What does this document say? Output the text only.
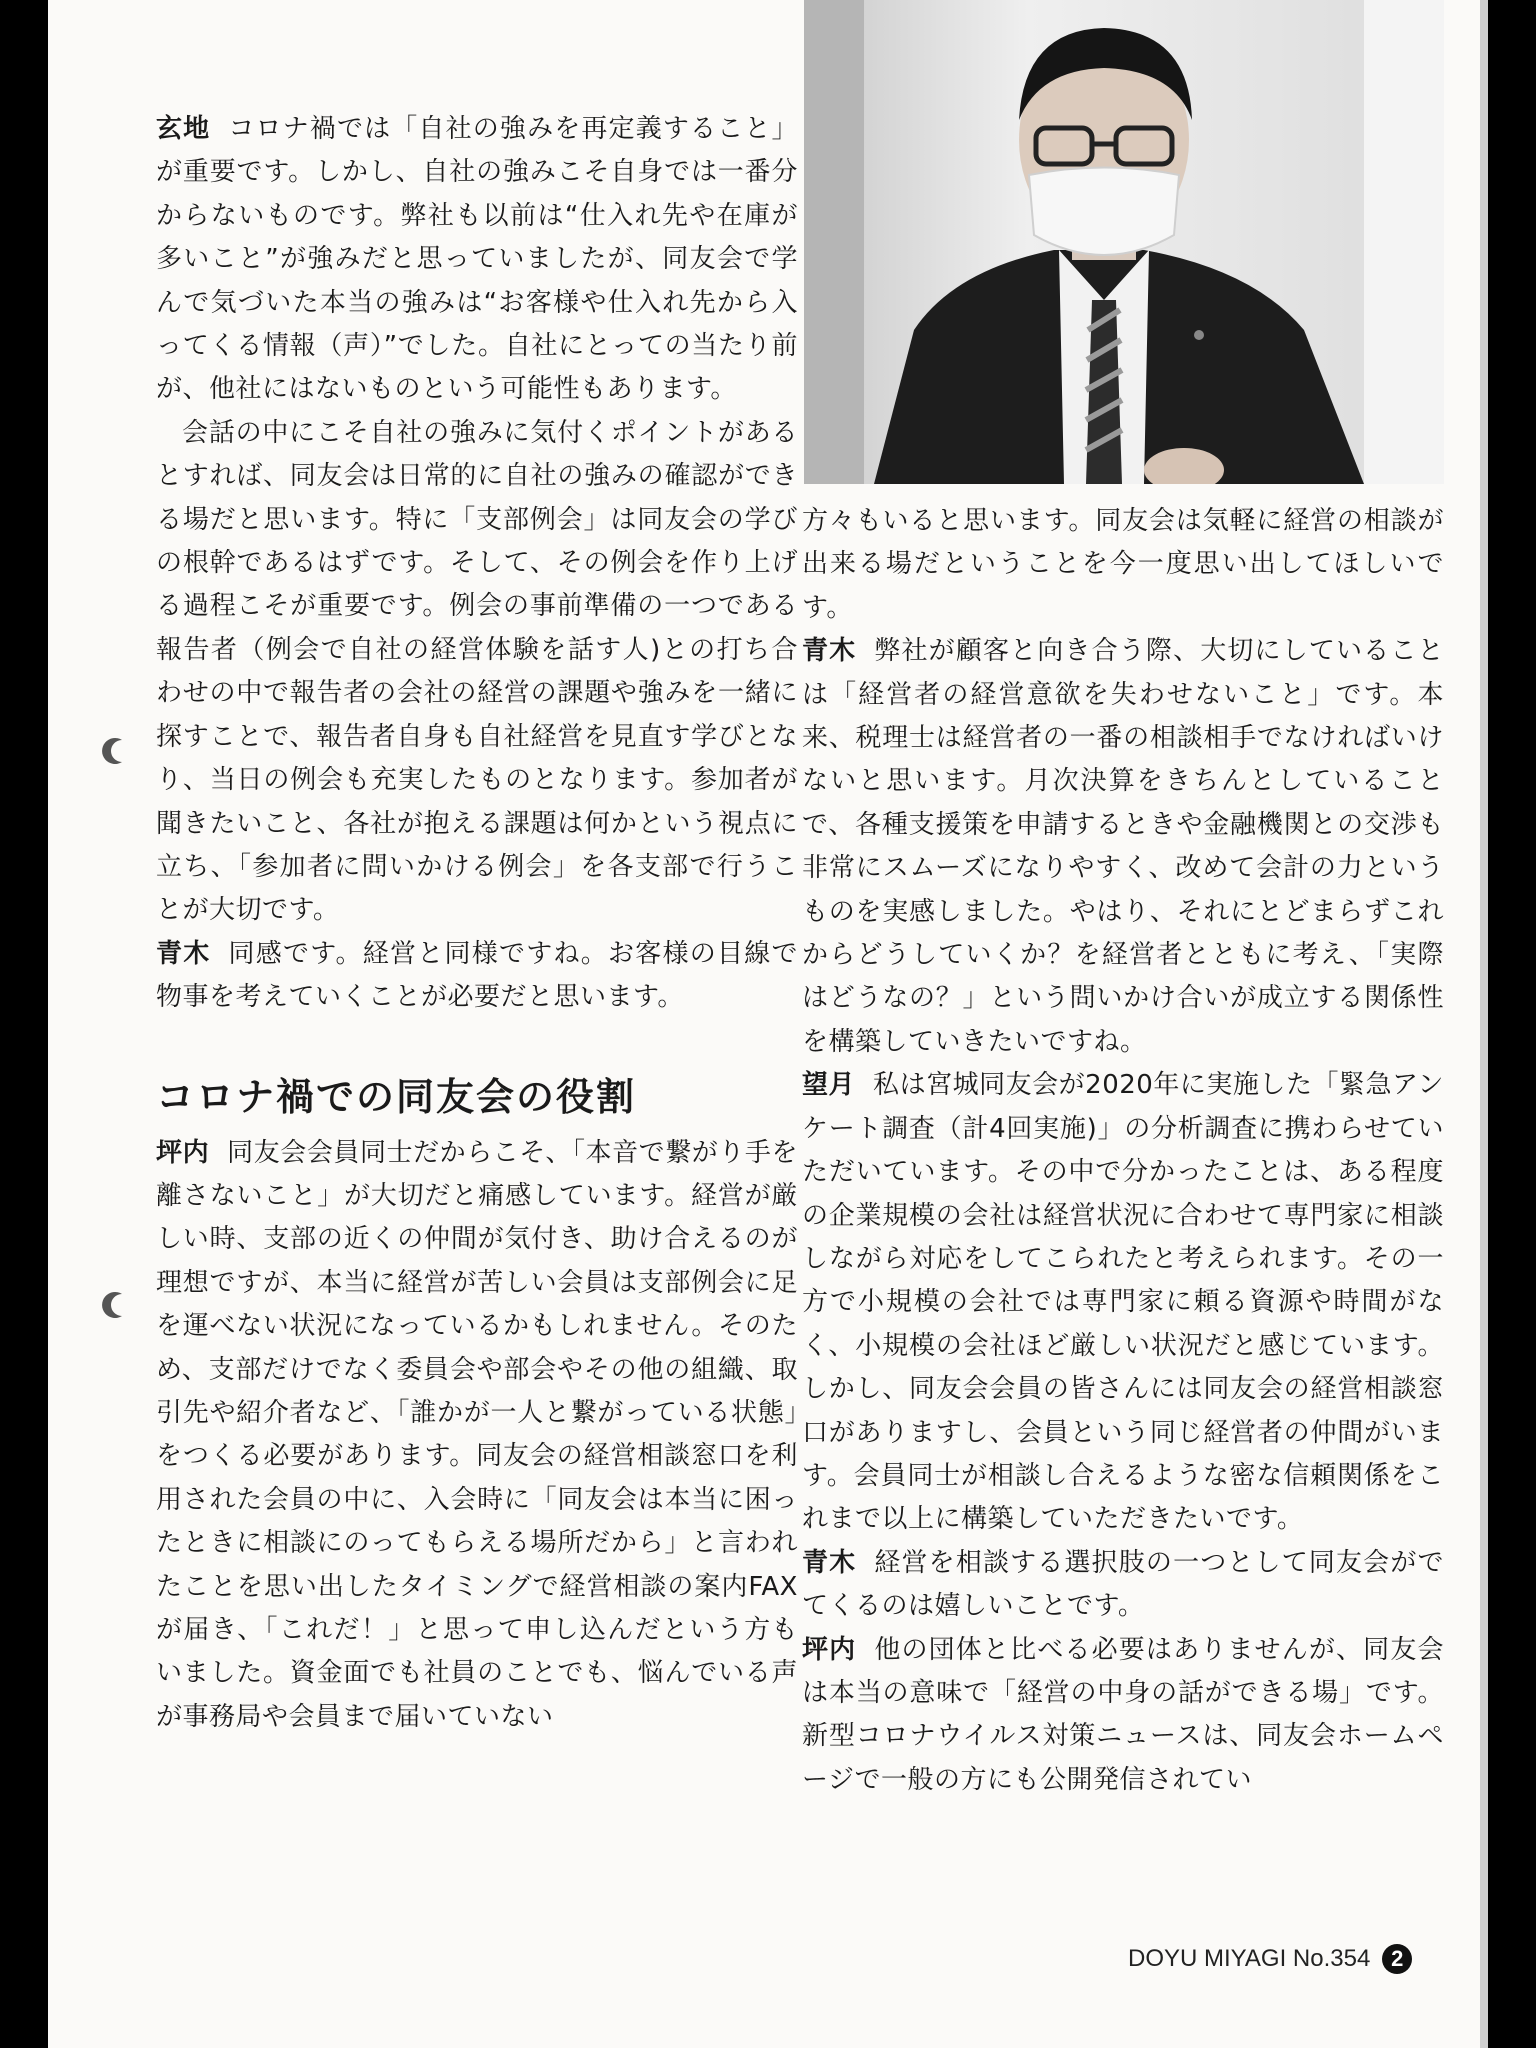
玄地 コロナ禍では「自社の強みを再定義すること」が重要です。しかし、自社の強みこそ自身では一番分からないものです。弊社も以前は“仕入れ先や在庫が多いこと”が強みだと思っていましたが、同友会で学んで気づいた本当の強みは“お客様や仕入れ先から入ってくる情報（声）”でした。自社にとっての当たり前が、他社にはないものという可能性もあります。

会話の中にこそ自社の強みに気付くポイントがあるとすれば、同友会は日常的に自社の強みの確認ができる場だと思います。特に「支部例会」は同友会の学びの根幹であるはずです。そして、その例会を作り上げる過程こそが重要です。例会の事前準備の一つである報告者（例会で自社の経営体験を話す人)との打ち合わせの中で報告者の会社の経営の課題や強みを一緒に探すことで、報告者自身も自社経営を見直す学びとなり、当日の例会も充実したものとなります。参加者が聞きたいこと、各社が抱える課題は何かという視点に立ち、「参加者に問いかける例会」を各支部で行うことが大切です。

青木 同感です。経営と同様ですね。お客様の目線で物事を考えていくことが必要だと思います。

コロナ禍での同友会の役割

坪内 同友会会員同士だからこそ、「本音で繋がり手を離さないこと」が大切だと痛感しています。経営が厳しい時、支部の近くの仲間が気付き、助け合えるのが理想ですが、本当に経営が苦しい会員は支部例会に足を運べない状況になっているかもしれません。そのため、支部だけでなく委員会や部会やその他の組織、取引先や紹介者など、「誰かが一人と繋がっている状態」をつくる必要があります。同友会の経営相談窓口を利用された会員の中に、入会時に「同友会は本当に困ったときに相談にのってもらえる場所だから」と言われたことを思い出したタイミングで経営相談の案内FAXが届き、「これだ！」と思って申し込んだという方もいました。資金面でも社員のことでも、悩んでいる声が事務局や会員まで届いていない

方々もいると思います。同友会は気軽に経営の相談が出来る場だということを今一度思い出してほしいです。

青木 弊社が顧客と向き合う際、大切にしていることは「経営者の経営意欲を失わせないこと」です。本来、税理士は経営者の一番の相談相手でなければいけないと思います。月次決算をきちんとしていることで、各種支援策を申請するときや金融機関との交渉も非常にスムーズになりやすく、改めて会計の力というものを実感しました。やはり、それにとどまらずこれからどうしていくか？を経営者とともに考え、「実際はどうなの？」という問いかけ合いが成立する関係性を構築していきたいですね。

望月 私は宮城同友会が2020年に実施した「緊急アンケート調査（計4回実施)」の分析調査に携わらせていただいています。その中で分かったことは、ある程度の企業規模の会社は経営状況に合わせて専門家に相談しながら対応をしてこられたと考えられます。その一方で小規模の会社では専門家に頼る資源や時間がなく、小規模の会社ほど厳しい状況だと感じています。しかし、同友会会員の皆さんには同友会の経営相談窓口がありますし、会員という同じ経営者の仲間がいます。会員同士が相談し合えるような密な信頼関係をこれまで以上に構築していただきたいです。

青木 経営を相談する選択肢の一つとして同友会がでてくるのは嬉しいことです。

坪内 他の団体と比べる必要はありませんが、同友会は本当の意味で「経営の中身の話ができる場」です。新型コロナウイルス対策ニュースは、同友会ホームページで一般の方にも公開発信されてい

DOYU MIYAGI No.354 2
